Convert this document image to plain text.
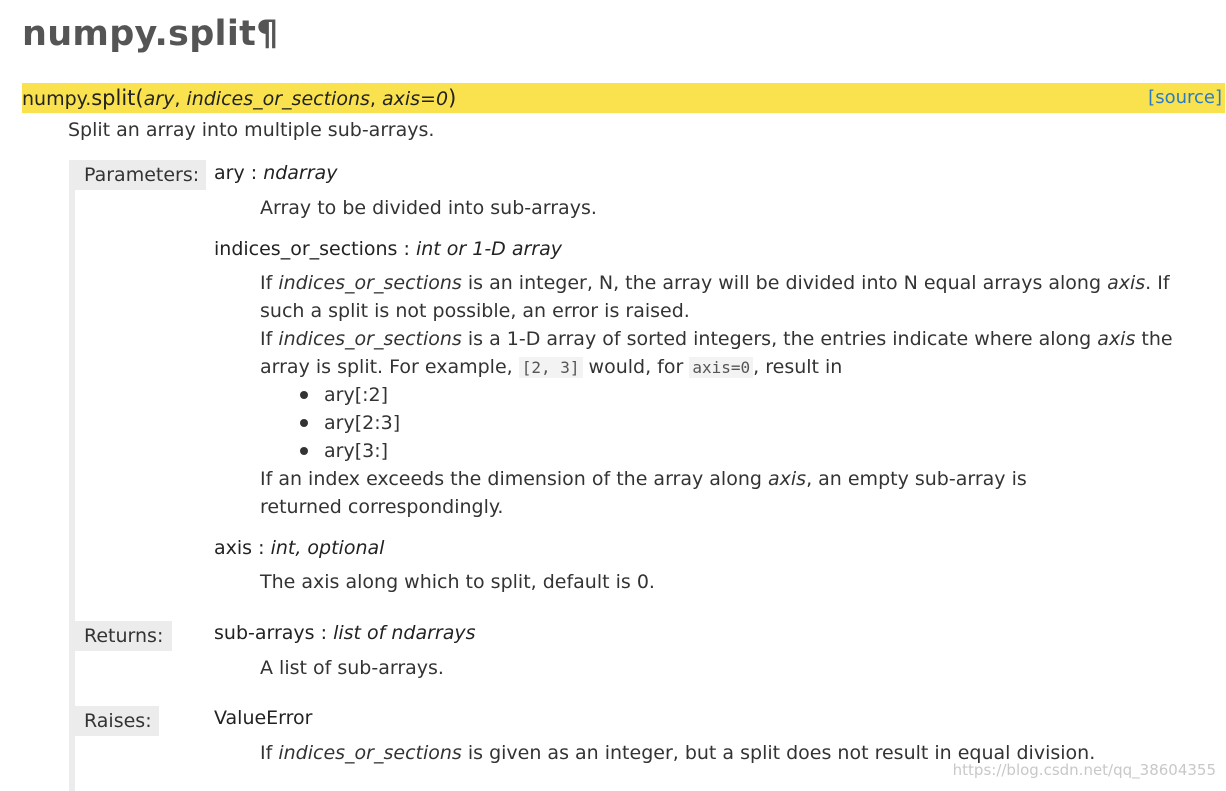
numpy.split¶
numpy.split(ary, indices_or_sections, axis=0)	[source]

Split an array into multiple sub-arrays.

Parameters: ary : ndarray
Array to be divided into sub-arrays.
indices_or_sections : int or 1-D array
If indices_or_sections is an integer, N, the array will be divided into N equal arrays along axis. If such a split is not possible, an error is raised.
If indices_or_sections is a 1-D array of sorted integers, the entries indicate where along axis the array is split. For example, [2, 3] would, for axis=0 , result in
ary[:2]
ary[2:3]
ary[3:]
If an index exceeds the dimension of the array along axis, an empty sub-array is returned correspondingly.
axis : int, optional
The axis along which to split, default is 0.
Returns:	sub-arrays : list of ndarrays
A list of sub-arrays.
Raises:	ValueError
If indices_or_sections is given as an integer, but a split does not result in equal division.
https://blog.csdn.net/qq_38604355
